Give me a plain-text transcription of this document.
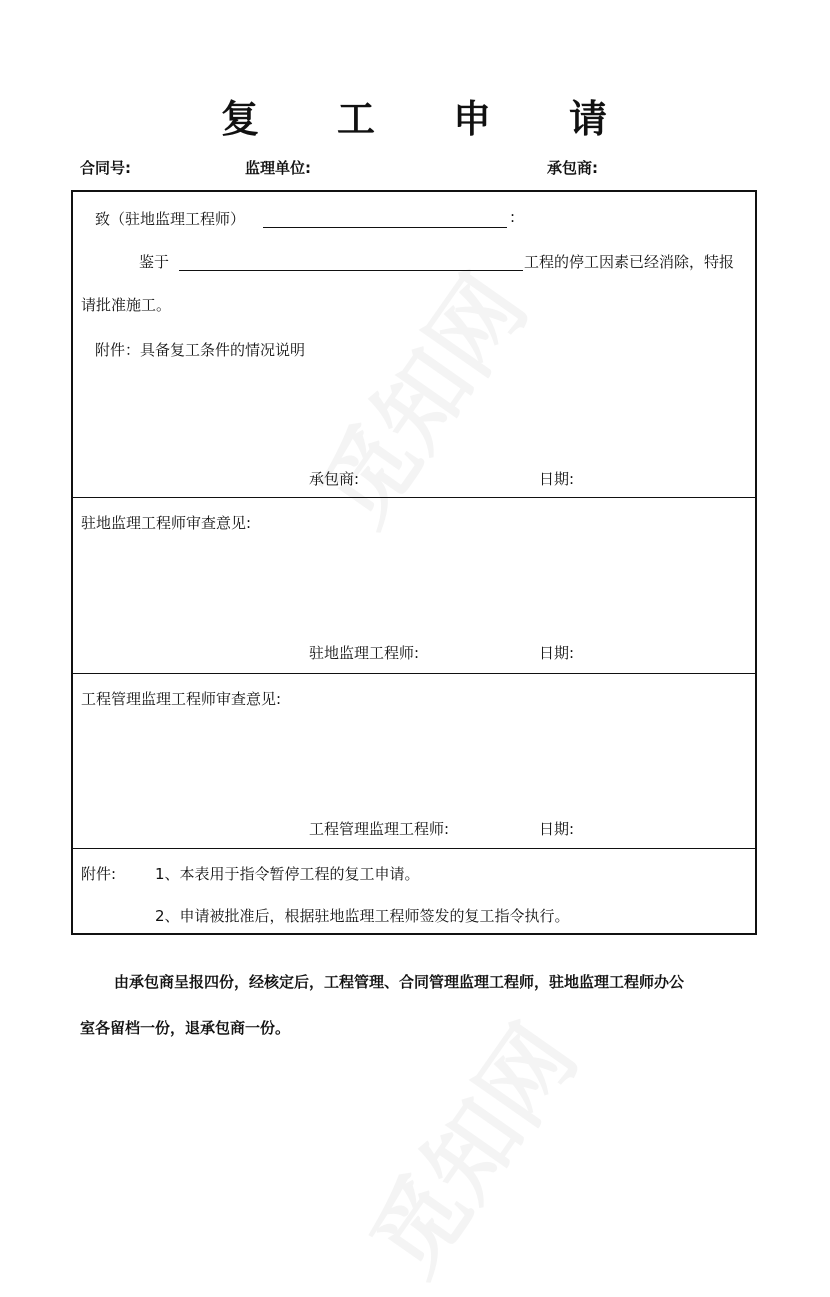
复 工 申 请
合同号:	监理单位:	承包商:
致（驻地监理工程师）	:
鉴于	工程的停工因素已经消除，特报
请批准施工。
附件：具备复工条件的情况说明
承包商:	日期:
驻地监理工程师审查意见:
驻地监理工程师:	日期:
工程管理监理工程师审查意见:
工程管理监理工程师:	日期:
附件:	1、本表用于指令暂停工程的复工申请。
2、申请被批准后，根据驻地监理工程师签发的复工指令执行。
由承包商呈报四份，经核定后，工程管理、合同管理监理工程师，驻地监理工程师办公
室各留档一份，退承包商一份。
